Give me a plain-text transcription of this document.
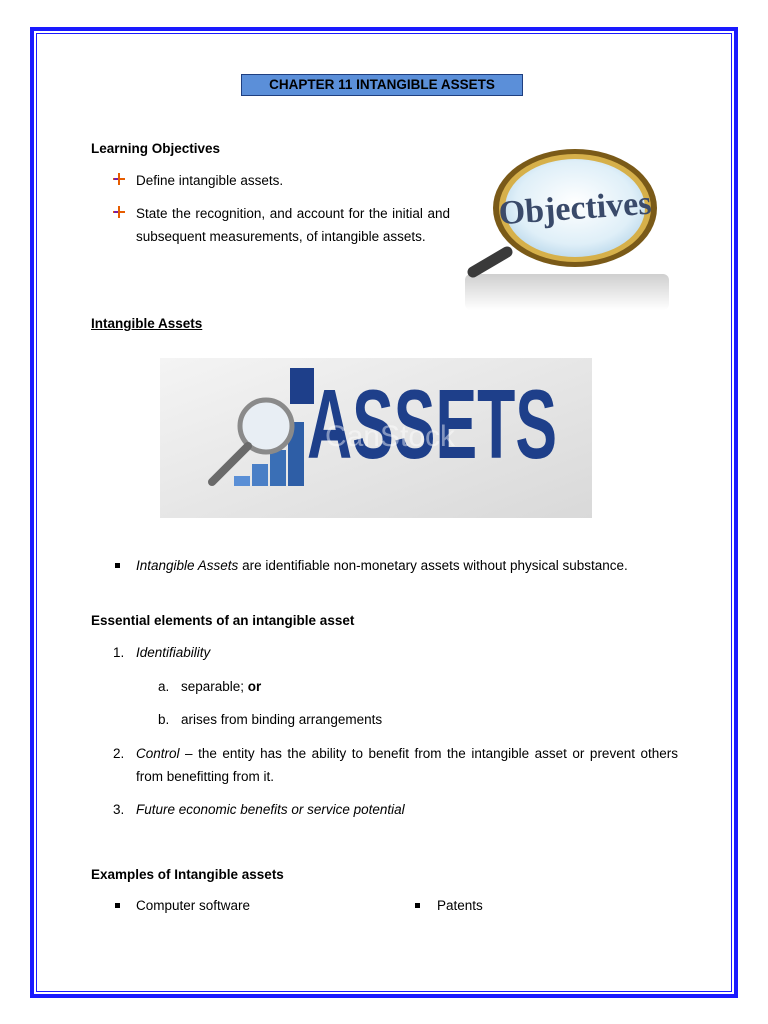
CHAPTER 11 INTANGIBLE ASSETS
Learning Objectives
Define intangible assets.
State the recognition, and account for the initial and subsequent measurements, of intangible assets.
Objectives
Intangible Assets
ASSETS
CanStock
Intangible Assets are identifiable non-monetary assets without physical substance.
Essential elements of an intangible asset
1. Identifiability
a. separable; or
b. arises from binding arrangements
2. Control – the entity has the ability to benefit from the intangible asset or prevent others from benefitting from it.
3. Future economic benefits or service potential
Examples of Intangible assets
Computer software	Patents
